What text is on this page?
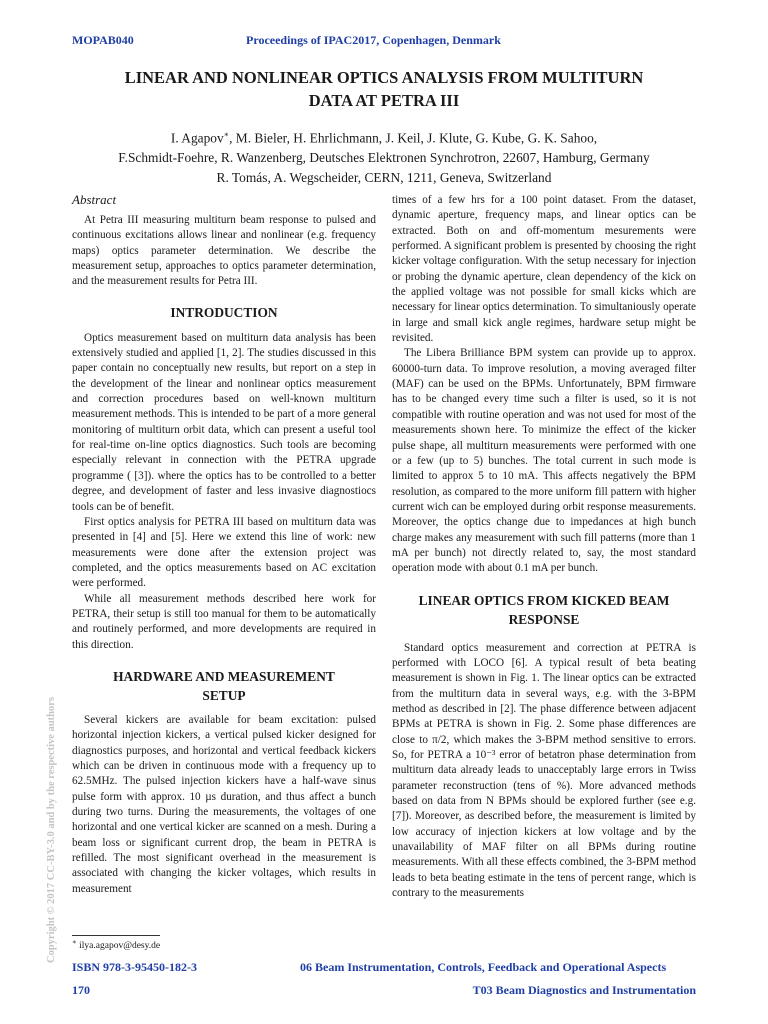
MOPAB040	Proceedings of IPAC2017, Copenhagen, Denmark
LINEAR AND NONLINEAR OPTICS ANALYSIS FROM MULTITURN
DATA AT PETRA III
I. Agapov∗, M. Bieler, H. Ehrlichmann, J. Keil, J. Klute, G. Kube, G. K. Sahoo,
F.Schmidt-Foehre, R. Wanzenberg, Deutsches Elektronen Synchrotron, 22607, Hamburg, Germany
R. Tomás, A. Wegscheider, CERN, 1211, Geneva, Switzerland
Abstract

At Petra III measuring multiturn beam response to pulsed and continuous excitations allows linear and nonlinear (e.g. frequency maps) optics parameter determination. We describe the measurement setup, approaches to optics parameter determination, and the measurement results for Petra III.

INTRODUCTION

Optics measurement based on multiturn data analysis has been extensively studied and applied [1, 2]. The studies discussed in this paper contain no conceptually new results, but report on a step in the development of the linear and nonlinear optics measurement and correction procedures based on well-known multiturn measurement methods. This is intended to be part of a more general monitoring of multiturn orbit data, which can present a useful tool for real-time on-line optics diagnostics. Such tools are becoming especially relevant in connection with the PETRA upgrade programme ( [3]). where the optics has to be controlled to a better degree, and development of faster and less invasive diagnostiocs tools can be of benefit.

First optics analysis for PETRA III based on multiturn data was presented in [4] and [5]. Here we extend this line of work: new measurements were done after the extension project was completed, and the optics measurements based on AC excitation were performed.

While all measurement methods described here work for PETRA, their setup is still too manual for them to be automatically and routinely performed, and more developments are required in this direction.

HARDWARE AND MEASUREMENT
SETUP

Several kickers are available for beam excitation: pulsed horizontal injection kickers, a vertical pulsed kicker designed for diagnostics purposes, and horizontal and vertical feedback kickers which can be driven in continuous mode with a frequency up to 62.5MHz. The pulsed injection kickers have a half-wave sinus pulse form with approx. 10 µs duration, and thus affect a bunch during two turns. During the measurements, the voltages of one horizontal and one vertical kicker are scanned on a mesh. During a beam loss or significant current drop, the beam in PETRA is refilled. The most significant overhead in the measurement is associated with changing the kicker voltages, which results in measurement

times of a few hrs for a 100 point dataset. From the dataset, dynamic aperture, frequency maps, and linear optics can be extracted. Both on and off-momentum mesurements were performed. A significant problem is presented by choosing the right kicker voltage configuration. With the setup necessary for injection or probing the dynamic aperture, clean dependency of the kick on the applied voltage was not possible for small kicks which are necessary for linear optics determination. To simultaniously operate in large and small kick angle regimes, hardware setup might be revisited.

The Libera Brilliance BPM system can provide up to approx. 60000-turn data. To improve resolution, a moving averaged filter (MAF) can be used on the BPMs. Unfortunately, BPM firmware has to be changed every time such a filter is used, so it is not compatible with routine operation and was not used for most of the measurements shown here. To minimize the effect of the kicker pulse shape, all multiturn measurements were performed with one or a few (up to 5) bunches. The total current in such mode is limited to approx 5 to 10 mA. This affects negatively the BPM resolution, as compared to the more uniform fill pattern with higher current wich can be employed during orbit response measurements. Moreover, the optics change due to impedances at high bunch charge makes any measurement with such fill patterns (more than 1 mA per bunch) not directly related to, say, the most standard operation mode with about 0.1 mA per bunch.

LINEAR OPTICS FROM KICKED BEAM
RESPONSE

Standard optics measurement and correction at PETRA is performed with LOCO [6]. A typical result of beta beating measurement is shown in Fig. 1. The linear optics can be extracted from the multiturn data in several ways, e.g. with the 3-BPM method as described in [2]. The phase difference between adjacent BPMs at PETRA is shown in Fig. 2. Some phase differences are close to π/2, which makes the 3-BPM method sensitive to errors. So, for PETRA a 10⁻³ error of betatron phase determination from multiturn data already leads to unacceptably large errors in Twiss parameter reconstruction (tens of %). More advanced methods based on data from N BPMs should be explored further (see e.g. [7]). Moreover, as described before, the measurement is limited by low accuracy of injection kickers at low voltage and by the unavailability of MAF filter on all BPMs during routine measurements. With all these effects combined, the 3-BPM method leads to beta beating estimate in the tens of percent range, which is contrary to the measurements

∗ ilya.agapov@desy.de
ISBN 978-3-95450-182-3	06 Beam Instrumentation, Controls, Feedback and Operational Aspects
170	T03 Beam Diagnostics and Instrumentation
Copyright © 2017 CC-BY-3.0 and by the respective authors
